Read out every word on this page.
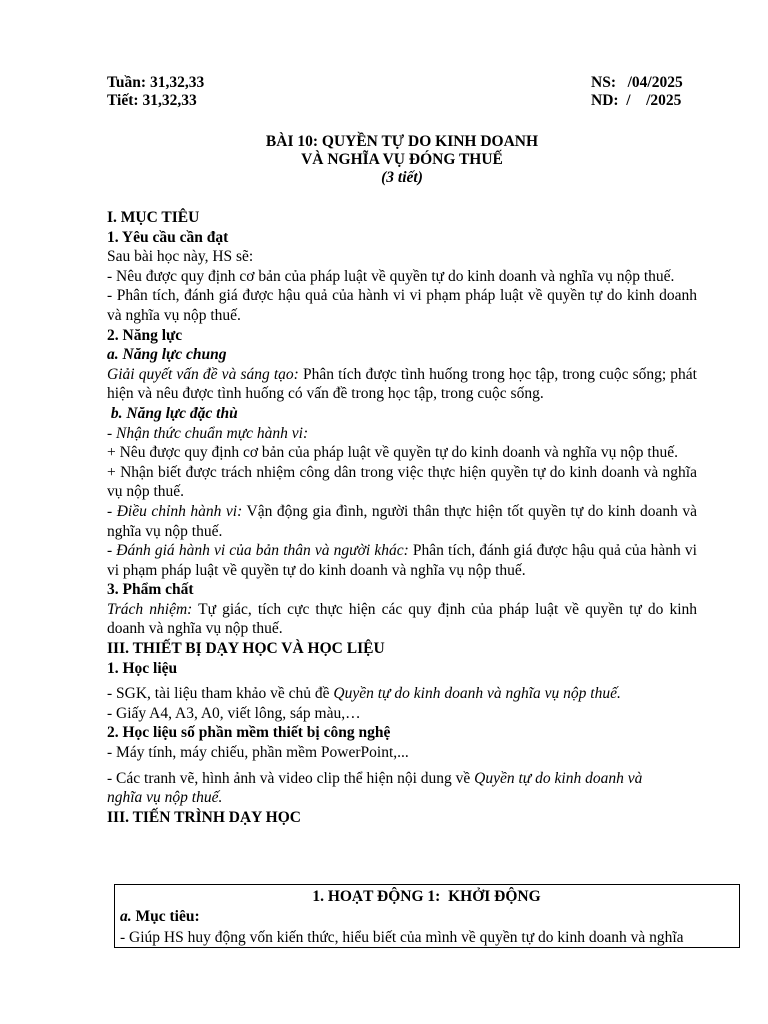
Tuần: 31,32,33
Tiết: 31,32,33
NS:   /04/2025
ND:  /    /2025
BÀI 10: QUYỀN TỰ DO KINH DOANH
VÀ NGHĨA VỤ ĐÓNG THUẾ
(3 tiết)

I. MỤC TIÊU

1. Yêu cầu cần đạt

Sau bài học này, HS sẽ:

- Nêu được quy định cơ bản của pháp luật về quyền tự do kinh doanh và nghĩa vụ nộp thuế.

- Phân tích, đánh giá được hậu quả của hành vi vi phạm pháp luật về quyền tự do kinh doanh và nghĩa vụ nộp thuế.

2. Năng lực

a. Năng lực chung

Giải quyết vấn đề và sáng tạo: Phân tích được tình huống trong học tập, trong cuộc sống; phát hiện và nêu được tình huống có vấn đề trong học tập, trong cuộc sống.

b. Năng lực đặc thù

- Nhận thức chuẩn mực hành vi:

+ Nêu được quy định cơ bản của pháp luật về quyền tự do kinh doanh và nghĩa vụ nộp thuế.

+ Nhận biết được trách nhiệm công dân trong việc thực hiện quyền tự do kinh doanh và nghĩa vụ nộp thuế.

- Điều chỉnh hành vi: Vận động gia đình, người thân thực hiện tốt quyền tự do kinh doanh và nghĩa vụ nộp thuế.

- Đánh giá hành vi của bản thân và người khác: Phân tích, đánh giá được hậu quả của hành vi vi phạm pháp luật về quyền tự do kinh doanh và nghĩa vụ nộp thuế.

3. Phẩm chất

Trách nhiệm: Tự giác, tích cực thực hiện các quy định của pháp luật về quyền tự do kinh doanh và nghĩa vụ nộp thuế.

III. THIẾT BỊ DẠY HỌC VÀ HỌC LIỆU

1. Học liệu

- SGK, tài liệu tham khảo về chủ đề Quyền tự do kinh doanh và nghĩa vụ nộp thuế.

- Giấy A4, A3, A0, viết lông, sáp màu,…

2. Học liệu số phần mềm thiết bị công nghệ

- Máy tính, máy chiếu, phần mềm PowerPoint,...

- Các tranh vẽ, hình ảnh và video clip thể hiện nội dung về Quyền tự do kinh doanh và nghĩa vụ nộp thuế.

III. TIẾN TRÌNH DẠY HỌC

1. HOẠT ĐỘNG 1:  KHỞI ĐỘNG

a. Mục tiêu:

- Giúp HS huy động vốn kiến thức, hiểu biết của mình về quyền tự do kinh doanh và nghĩa
